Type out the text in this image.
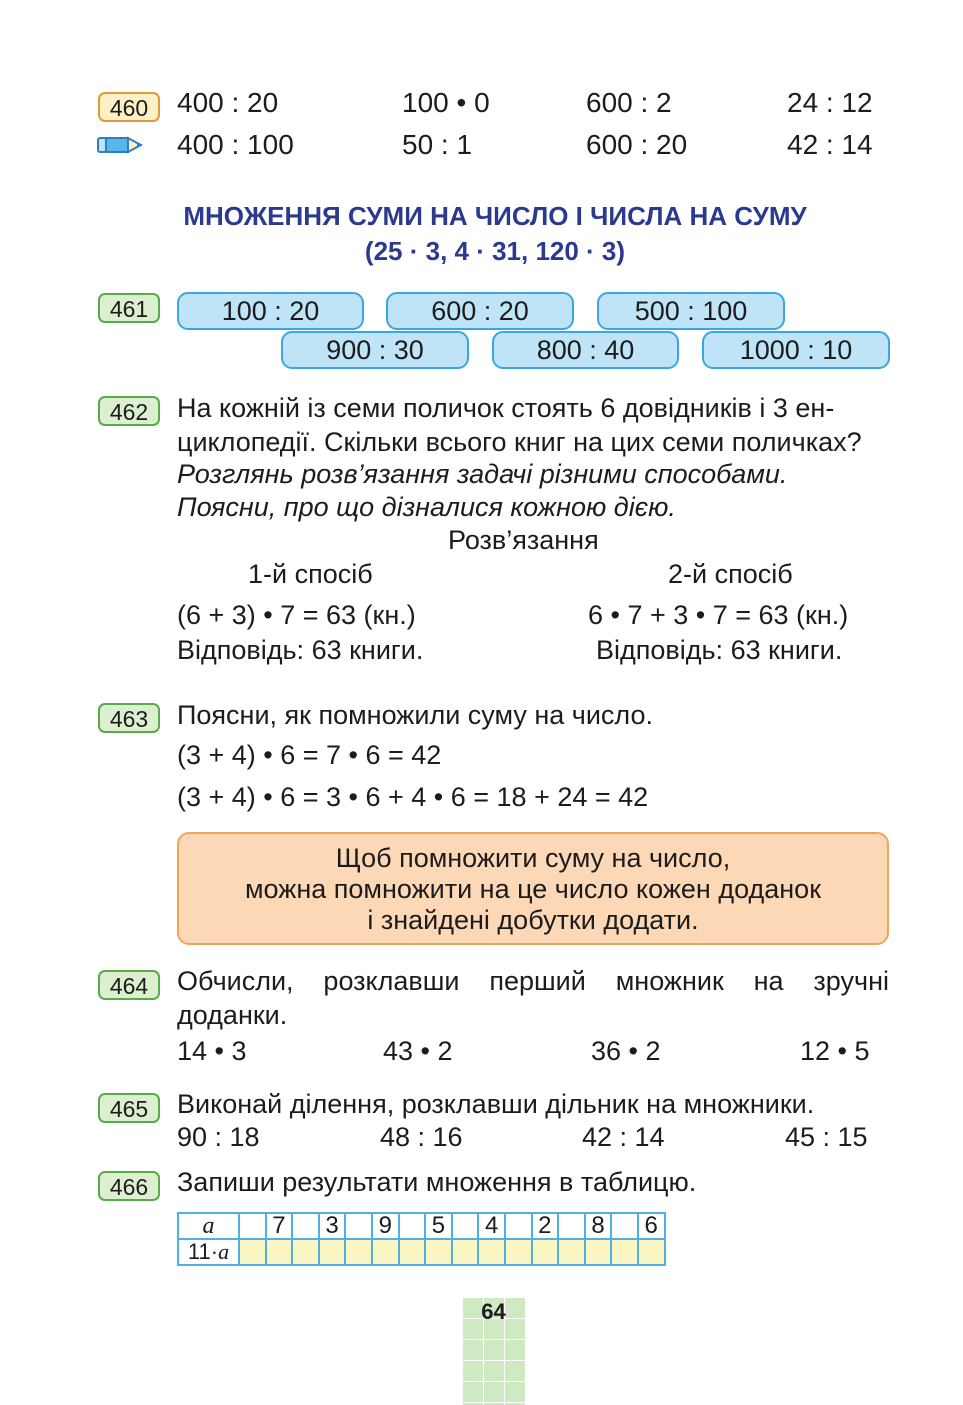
460	400 : 20	100 • 0	600 : 2	24 : 12
400 : 100	50 : 1	600 : 20	42 : 14
МНОЖЕННЯ СУМИ НА ЧИСЛО І ЧИСЛА НА СУМУ
(25 · 3, 4 · 31, 120 · 3)
461	100 : 20	600 : 20	500 : 100
900 : 30	800 : 40	1000 : 10
462	На кожній із семи поличок стоять 6 довідників і 3 ен-
циклопедії. Скільки всього книг на цих семи поличках?
Розглянь розв’язання задачі різними способами.
Поясни, про що дізналися кожною дією.
Розв’язання
1-й спосіб	2-й спосіб
(6 + 3) • 7 = 63 (кн.)	6 • 7 + 3 • 7 = 63 (кн.)
Відповідь: 63 книги.	Відповідь: 63 книги.
463	Поясни, як помножили суму на число.
(3 + 4) • 6 = 7 • 6 = 42
(3 + 4) • 6 = 3 • 6 + 4 • 6 = 18 + 24 = 42
Щоб помножити суму на число,
можна помножити на це число кожен доданок
і знайдені добутки додати.
464	Обчисли, розклавши перший множник на зручні
доданки.
14 • 3	43 • 2	36 • 2	12 • 5
465	Виконай ділення, розклавши дільник на множники.
90 : 18	48 : 16	42 : 14	45 : 15
466	Запиши результати множення в таблицю.
a		7		3		9		5		4		2		8		6
11·a																
64
